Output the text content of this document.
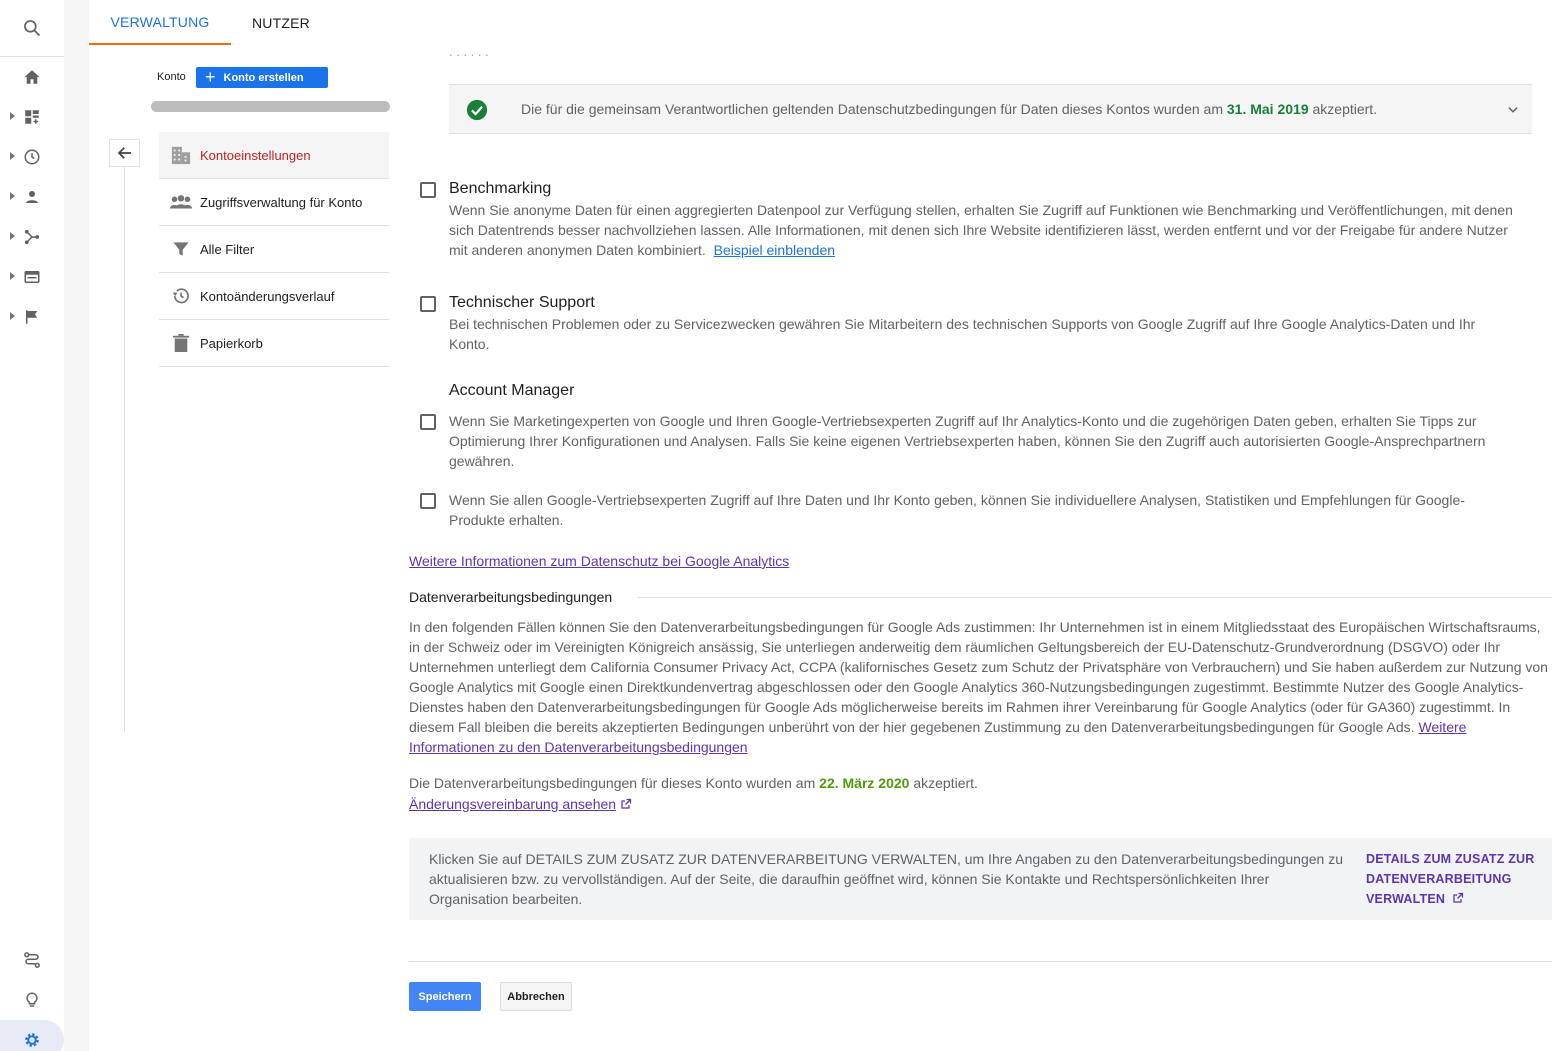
VERWALTUNG	NUTZER
Konto + Konto erstellen
Kontoeinstellungen
Zugriffsverwaltung für Konto
Alle Filter
Kontoänderungsverlauf
Papierkorb
. . . . . .
Die für die gemeinsam Verantwortlichen geltenden Datenschutzbedingungen für Daten dieses Kontos wurden am 31. Mai 2019 akzeptiert.
Benchmarking
Wenn Sie anonyme Daten für einen aggregierten Datenpool zur Verfügung stellen, erhalten Sie Zugriff auf Funktionen wie Benchmarking und Veröffentlichungen, mit denen sich Datentrends besser nachvollziehen lassen. Alle Informationen, mit denen sich Ihre Website identifizieren lässt, werden entfernt und vor der Freigabe für andere Nutzer mit anderen anonymen Daten kombiniert. Beispiel einblenden
Technischer Support
Bei technischen Problemen oder zu Servicezwecken gewähren Sie Mitarbeitern des technischen Supports von Google Zugriff auf Ihre Google Analytics-Daten und Ihr Konto.
Account Manager
Wenn Sie Marketingexperten von Google und Ihren Google-Vertriebsexperten Zugriff auf Ihr Analytics-Konto und die zugehörigen Daten geben, erhalten Sie Tipps zur Optimierung Ihrer Konfigurationen und Analysen. Falls Sie keine eigenen Vertriebsexperten haben, können Sie den Zugriff auch autorisierten Google-Ansprechpartnern gewähren.
Wenn Sie allen Google-Vertriebsexperten Zugriff auf Ihre Daten und Ihr Konto geben, können Sie individuellere Analysen, Statistiken und Empfehlungen für Google-Produkte erhalten.
Weitere Informationen zum Datenschutz bei Google Analytics
Datenverarbeitungsbedingungen
In den folgenden Fällen können Sie den Datenverarbeitungsbedingungen für Google Ads zustimmen: Ihr Unternehmen ist in einem Mitgliedsstaat des Europäischen Wirtschaftsraums, in der Schweiz oder im Vereinigten Königreich ansässig, Sie unterliegen anderweitig dem räumlichen Geltungsbereich der EU-Datenschutz-Grundverordnung (DSGVO) oder Ihr Unternehmen unterliegt dem California Consumer Privacy Act, CCPA (kalifornisches Gesetz zum Schutz der Privatsphäre von Verbrauchern) und Sie haben außerdem zur Nutzung von Google Analytics mit Google einen Direktkundenvertrag abgeschlossen oder den Google Analytics 360-Nutzungsbedingungen zugestimmt. Bestimmte Nutzer des Google Analytics-Dienstes haben den Datenverarbeitungsbedingungen für Google Ads möglicherweise bereits im Rahmen ihrer Vereinbarung für Google Analytics (oder für GA360) zugestimmt. In diesem Fall bleiben die bereits akzeptierten Bedingungen unberührt von der hier gegebenen Zustimmung zu den Datenverarbeitungsbedingungen für Google Ads. Weitere Informationen zu den Datenverarbeitungsbedingungen
Die Datenverarbeitungsbedingungen für dieses Konto wurden am 22. März 2020 akzeptiert.
Änderungsvereinbarung ansehen
Klicken Sie auf DETAILS ZUM ZUSATZ ZUR DATENVERARBEITUNG VERWALTEN, um Ihre Angaben zu den Datenverarbeitungsbedingungen zu aktualisieren bzw. zu vervollständigen. Auf der Seite, die daraufhin geöffnet wird, können Sie Kontakte und Rechtspersönlichkeiten Ihrer Organisation bearbeiten.
DETAILS ZUM ZUSATZ ZUR DATENVERARBEITUNG VERWALTEN
Speichern	Abbrechen
